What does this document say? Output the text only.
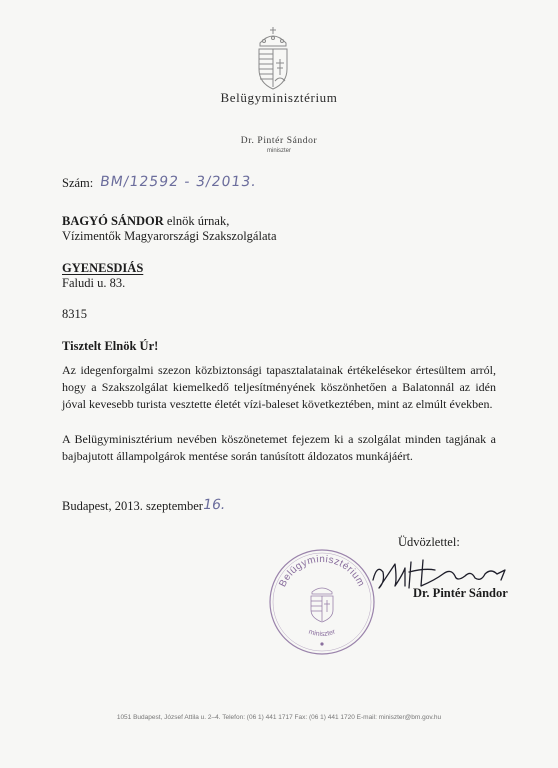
Belügyminisztérium
Dr. Pintér Sándor
miniszter
Szám: BM/12592 - 3/2013.
BAGYÓ SÁNDOR elnök úrnak,
Vízimentők Magyarországi Szakszolgálata
GYENESDIÁS
Faludi u. 83.
8315
Tisztelt Elnök Úr!
Az idegenforgalmi szezon közbiztonsági tapasztalatainak értékelésekor értesültem arról, hogy a Szakszolgálat kiemelkedő teljesítményének köszönhetően a Balatonnál az idén jóval kevesebb turista vesztette életét vízi-baleset következtében, mint az elmúlt években.
A Belügyminisztérium nevében köszönetemet fejezem ki a szolgálat minden tagjának a bajbajutott állampolgárok mentése során tanúsított áldozatos munkájáért.
Budapest, 2013. szeptember
16.
Üdvözlettel:
Belügyminisztérium
miniszter
Dr. Pintér Sándor
1051 Budapest, József Attila u. 2–4. Telefon: (06 1) 441 1717 Fax: (06 1) 441 1720 E-mail: miniszter@bm.gov.hu
